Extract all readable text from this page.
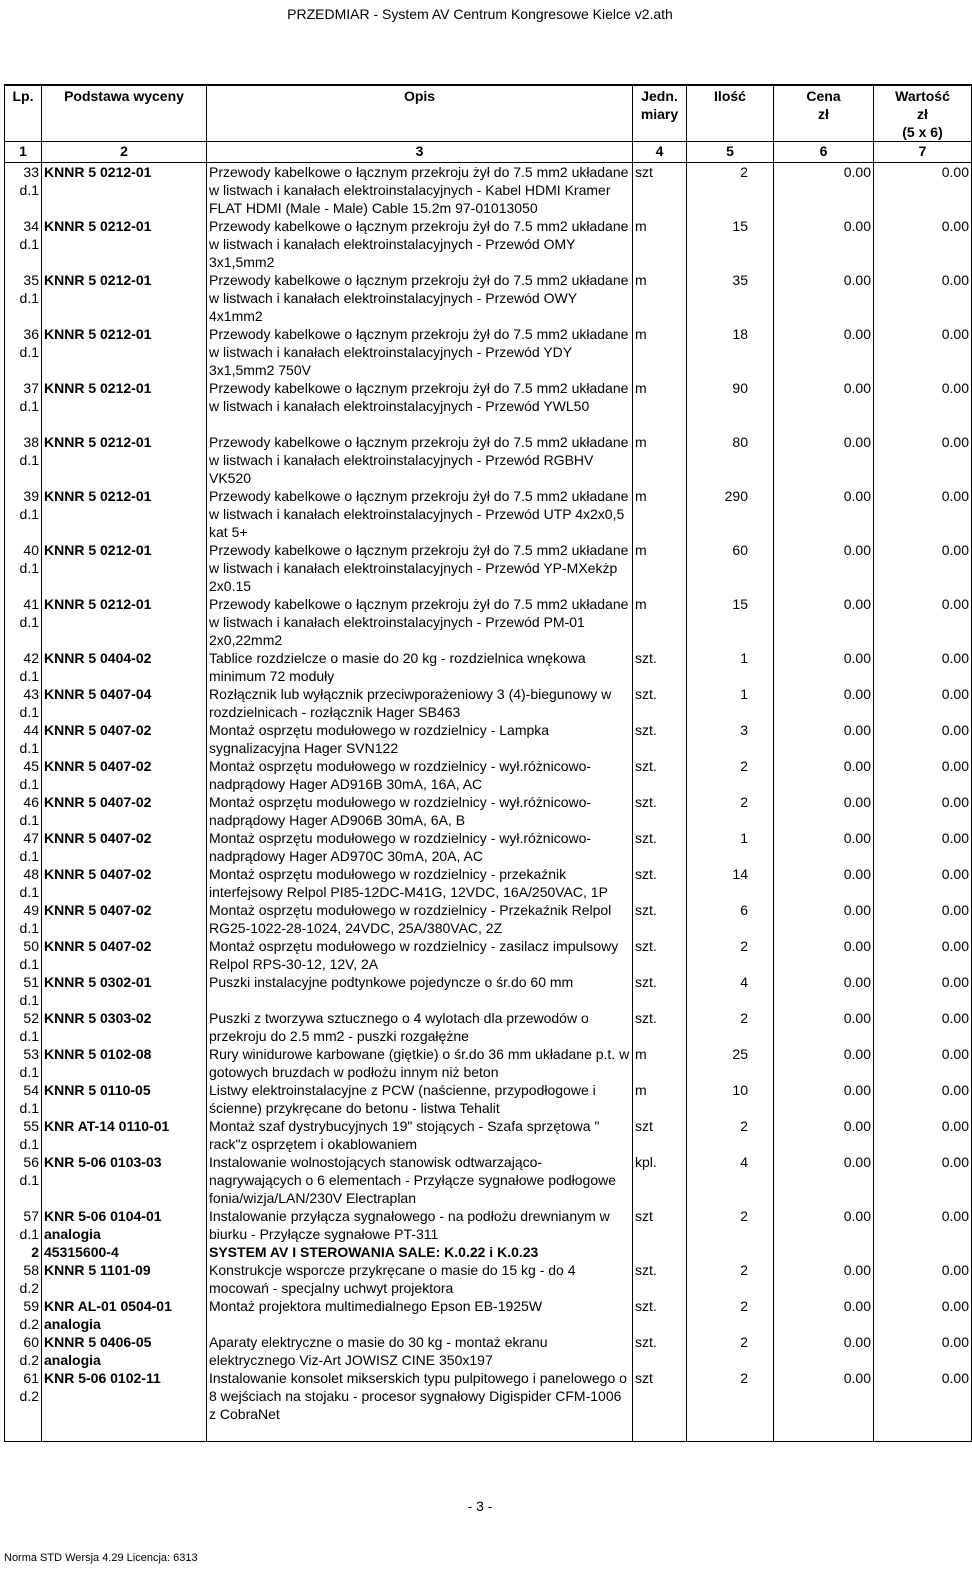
PRZEDMIAR - System AV Centrum Kongresowe Kielce v2.ath
Lp.	Podstawa wyceny	Opis	Jedn.
miary	Ilość	Cena
zł	Wartość
zł
(5 x 6)
1	2	3	4	5	6	7

33
d.1	KNNR 5 0212-01	Przewody kabelkowe o łącznym przekroju żył do 7.5 mm2 układane w listwach i kanałach elektroinstalacyjnych - Kabel HDMI Kramer FLAT HDMI (Male - Male) Cable 15.2m 97-01013050	szt	2	0.00	0.00

34
d.1	KNNR 5 0212-01	Przewody kabelkowe o łącznym przekroju żył do 7.5 mm2 układane w listwach i kanałach elektroinstalacyjnych - Przewód OMY 3x1,5mm2	m	15	0.00	0.00

35
d.1	KNNR 5 0212-01	Przewody kabelkowe o łącznym przekroju żył do 7.5 mm2 układane w listwach i kanałach elektroinstalacyjnych - Przewód OWY 4x1mm2	m	35	0.00	0.00

36
d.1	KNNR 5 0212-01	Przewody kabelkowe o łącznym przekroju żył do 7.5 mm2 układane w listwach i kanałach elektroinstalacyjnych - Przewód YDY 3x1,5mm2 750V	m	18	0.00	0.00

37
d.1	KNNR 5 0212-01	Przewody kabelkowe o łącznym przekroju żył do 7.5 mm2 układane w listwach i kanałach elektroinstalacyjnych - Przewód YWL50	m	90	0.00	0.00

38
d.1	KNNR 5 0212-01	Przewody kabelkowe o łącznym przekroju żył do 7.5 mm2 układane w listwach i kanałach elektroinstalacyjnych - Przewód RGBHV VK520	m	80	0.00	0.00

39
d.1	KNNR 5 0212-01	Przewody kabelkowe o łącznym przekroju żył do 7.5 mm2 układane w listwach i kanałach elektroinstalacyjnych - Przewód UTP 4x2x0,5 kat 5+	m	290	0.00	0.00

40
d.1	KNNR 5 0212-01	Przewody kabelkowe o łącznym przekroju żył do 7.5 mm2 układane w listwach i kanałach elektroinstalacyjnych - Przewód YP-MXekżp 2x0.15	m	60	0.00	0.00

41
d.1	KNNR 5 0212-01	Przewody kabelkowe o łącznym przekroju żył do 7.5 mm2 układane w listwach i kanałach elektroinstalacyjnych - Przewód PM-01 2x0,22mm2	m	15	0.00	0.00

42
d.1	KNNR 5 0404-02	Tablice rozdzielcze o masie do 20 kg - rozdzielnica wnękowa minimum 72 moduły	szt.	1	0.00	0.00

43
d.1	KNNR 5 0407-04	Rozłącznik lub wyłącznik przeciwporażeniowy 3 (4)-biegunowy w rozdzielnicach - rozłącznik Hager SB463	szt.	1	0.00	0.00

44
d.1	KNNR 5 0407-02	Montaż osprzętu modułowego w rozdzielnicy - Lampka sygnalizacyjna Hager SVN122	szt.	3	0.00	0.00

45
d.1	KNNR 5 0407-02	Montaż osprzętu modułowego w rozdzielnicy - wył.różnicowo-nadprądowy Hager AD916B 30mA, 16A, AC	szt.	2	0.00	0.00

46
d.1	KNNR 5 0407-02	Montaż osprzętu modułowego w rozdzielnicy - wył.różnicowo-nadprądowy Hager AD906B 30mA, 6A, B	szt.	2	0.00	0.00

47
d.1	KNNR 5 0407-02	Montaż osprzętu modułowego w rozdzielnicy - wył.różnicowo-nadprądowy Hager AD970C 30mA, 20A, AC	szt.	1	0.00	0.00

48
d.1	KNNR 5 0407-02	Montaż osprzętu modułowego w rozdzielnicy - przekaźnik interfejsowy Relpol PI85-12DC-M41G, 12VDC, 16A/250VAC, 1P	szt.	14	0.00	0.00

49
d.1	KNNR 5 0407-02	Montaż osprzętu modułowego w rozdzielnicy - Przekaźnik Relpol RG25-1022-28-1024, 24VDC, 25A/380VAC, 2Z	szt.	6	0.00	0.00

50
d.1	KNNR 5 0407-02	Montaż osprzętu modułowego w rozdzielnicy - zasilacz impulsowy Relpol RPS-30-12, 12V, 2A	szt.	2	0.00	0.00

51
d.1	KNNR 5 0302-01	Puszki instalacyjne podtynkowe pojedyncze o śr.do 60 mm	szt.	4	0.00	0.00

52
d.1	KNNR 5 0303-02	Puszki z tworzywa sztucznego o 4 wylotach dla przewodów o przekroju do 2.5 mm2 - puszki rozgałężne	szt.	2	0.00	0.00

53
d.1	KNNR 5 0102-08	Rury winidurowe karbowane (giętkie) o śr.do 36 mm układane p.t. w gotowych bruzdach w podłożu innym niż beton	m	25	0.00	0.00

54
d.1	KNNR 5 0110-05	Listwy elektroinstalacyjne z PCW (naścienne, przypodłogowe i ścienne) przykręcane do betonu - listwa Tehalit	m	10	0.00	0.00

55
d.1	KNR AT-14 0110-01	Montaż szaf dystrybucyjnych 19" stojących - Szafa sprzętowa " rack"z osprzętem i okablowaniem	szt	2	0.00	0.00

56
d.1	KNR 5-06 0103-03	Instalowanie wolnostojących stanowisk odtwarzająco-nagrywających o 6 elementach - Przyłącze sygnałowe podłogowe fonia/wizja/LAN/230V Electraplan	kpl.	4	0.00	0.00

57
d.1	KNR 5-06 0104-01
analogia	Instalowanie przyłącza sygnałowego - na podłożu drewnianym w biurku - Przyłącze sygnałowe PT-311	szt	2	0.00	0.00
2	45315600-4	SYSTEM AV I STEROWANIA SALE: K.0.22 i K.0.23				

58
d.2	KNNR 5 1101-09	Konstrukcje wsporcze przykręcane o masie do 15 kg - do 4 mocowań - specjalny uchwyt projektora	szt.	2	0.00	0.00

59
d.2	KNR AL-01 0504-01
analogia	Montaż projektora multimedialnego Epson EB-1925W	szt.	2	0.00	0.00

60
d.2	KNNR 5 0406-05
analogia	Aparaty elektryczne o masie do 30 kg - montaż ekranu elektrycznego Viz-Art JOWISZ CINE 350x197	szt.	2	0.00	0.00

61
d.2	KNR 5-06 0102-11	Instalowanie konsolet mikserskich typu pulpitowego i panelowego o 8 wejściach na stojaku - procesor sygnałowy Digispider CFM-1006 z CobraNet	szt	2	0.00	0.00
- 3 -
Norma STD Wersja 4.29 Licencja: 6313
